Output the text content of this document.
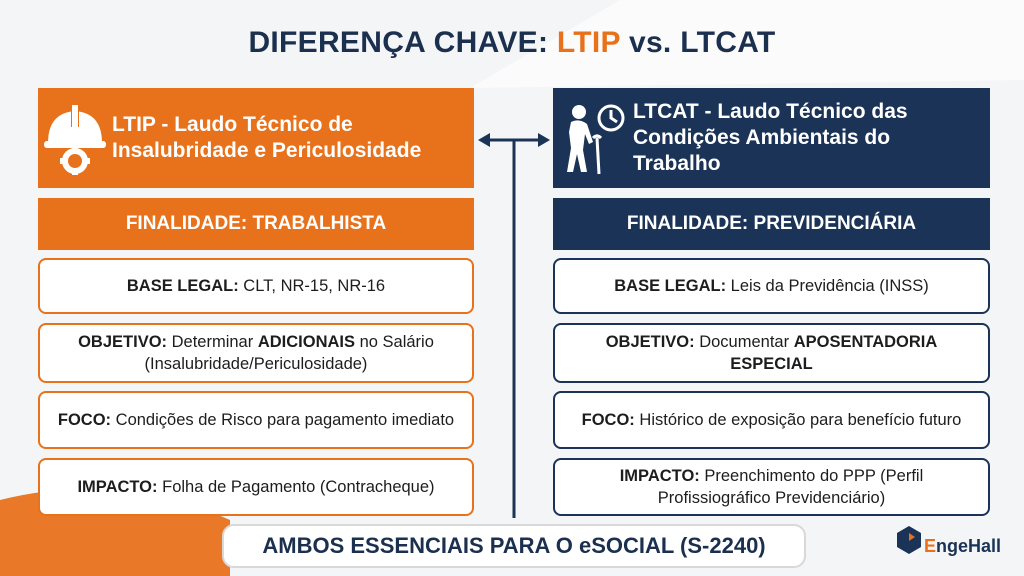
DIFERENÇA CHAVE: LTIP vs. LTCAT
LTIP - Laudo Técnico de Insalubridade e Periculosidade
LTCAT - Laudo Técnico das Condições Ambientais do Trabalho
FINALIDADE: TRABALHISTA	FINALIDADE: PREVIDENCIÁRIA
BASE LEGAL: CLT, NR-15, NR-16
OBJETIVO: Determinar ADICIONAIS no Salário (Insalubridade/Periculosidade)
FOCO: Condições de Risco para pagamento imediato
IMPACTO: Folha de Pagamento (Contracheque)
BASE LEGAL: Leis da Previdência (INSS)
OBJETIVO: Documentar APOSENTADORIA ESPECIAL
FOCO: Histórico de exposição para benefício futuro
IMPACTO: Preenchimento do PPP (Perfil Profissiográfico Previdenciário)
AMBOS ESSENCIAIS PARA O eSOCIAL (S-2240)	EngeHall
